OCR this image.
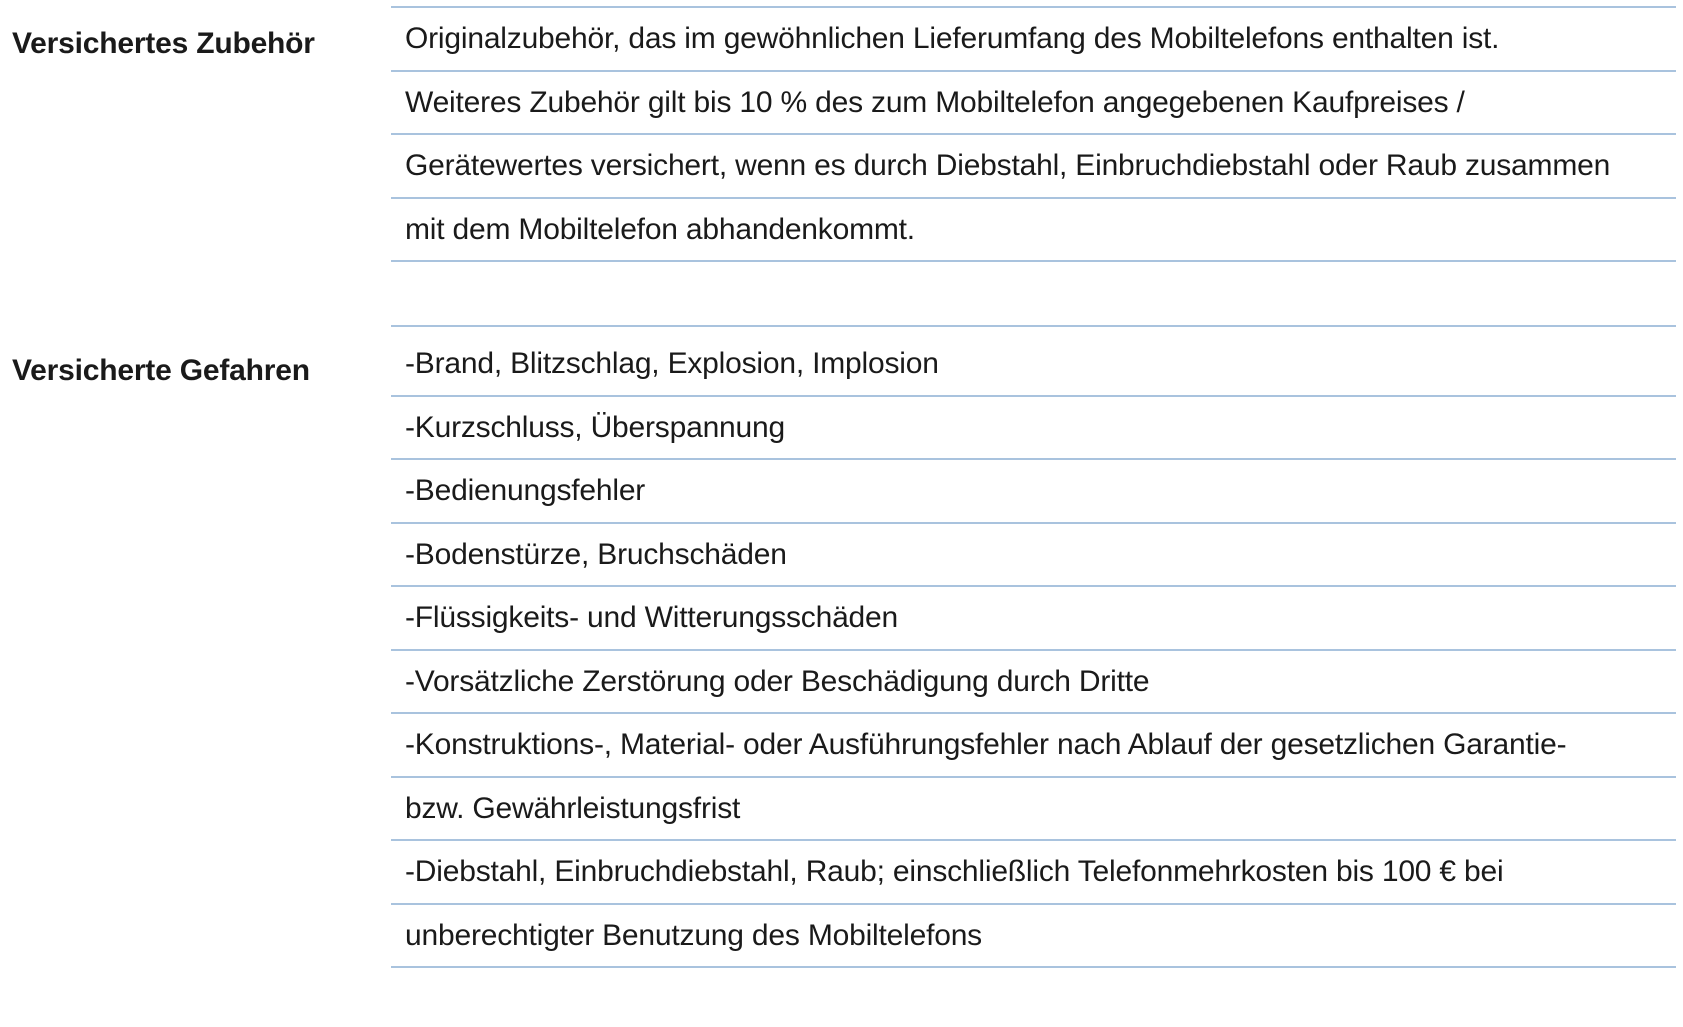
Versichertes Zubehör	Originalzubehör, das im gewöhnlichen Lieferumfang des Mobiltelefons enthalten ist.
Weiteres Zubehör gilt bis 10 % des zum Mobiltelefon angegebenen Kaufpreises /
Gerätewertes versichert, wenn es durch Diebstahl, Einbruchdiebstahl oder Raub zusammen
mit dem Mobiltelefon abhandenkommt.
Versicherte Gefahren	-Brand, Blitzschlag, Explosion, Implosion
-Kurzschluss, Überspannung
-Bedienungsfehler
-Bodenstürze, Bruchschäden
-Flüssigkeits- und Witterungsschäden
-Vorsätzliche Zerstörung oder Beschädigung durch Dritte
-Konstruktions-, Material- oder Ausführungsfehler nach Ablauf der gesetzlichen Garantie-
bzw. Gewährleistungsfrist
-Diebstahl, Einbruchdiebstahl, Raub; einschließlich Telefonmehrkosten bis 100 € bei
unberechtigter Benutzung des Mobiltelefons
